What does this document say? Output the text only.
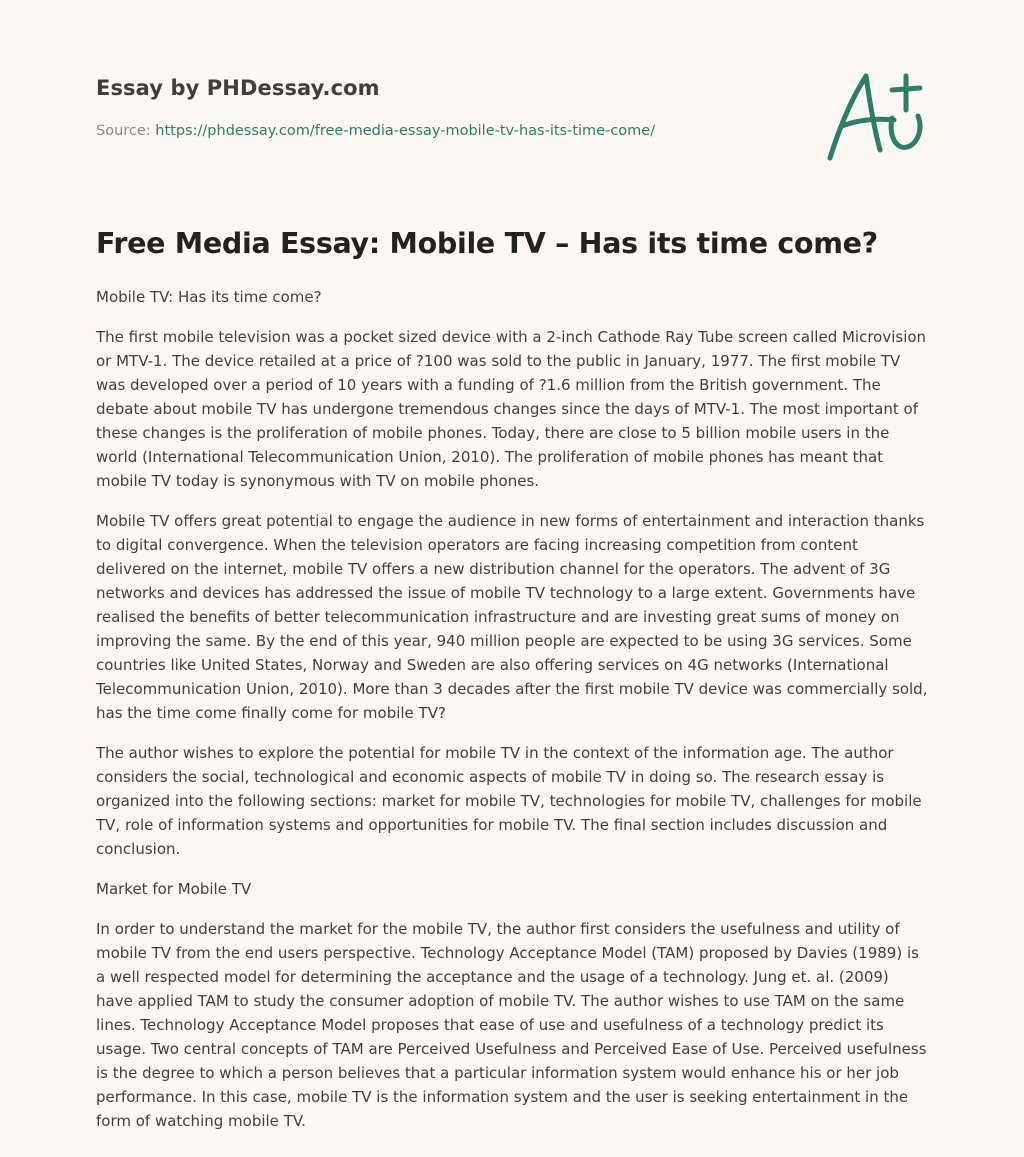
Essay by PHDessay.com

Source: https://phdessay.com/free-media-essay-mobile-tv-has-its-time-come/

Free Media Essay: Mobile TV – Has its time come?

Mobile TV: Has its time come?

The first mobile television was a pocket sized device with a 2-inch Cathode Ray Tube screen called Microvision or MTV-1. The device retailed at a price of ?100 was sold to the public in January, 1977. The first mobile TV was developed over a period of 10 years with a funding of ?1.6 million from the British government. The debate about mobile TV has undergone tremendous changes since the days of MTV-1. The most important of these changes is the proliferation of mobile phones. Today, there are close to 5 billion mobile users in the world (International Telecommunication Union, 2010). The proliferation of mobile phones has meant that mobile TV today is synonymous with TV on mobile phones.

Mobile TV offers great potential to engage the audience in new forms of entertainment and interaction thanks to digital convergence. When the television operators are facing increasing competition from content delivered on the internet, mobile TV offers a new distribution channel for the operators. The advent of 3G networks and devices has addressed the issue of mobile TV technology to a large extent. Governments have realised the benefits of better telecommunication infrastructure and are investing great sums of money on improving the same. By the end of this year, 940 million people are expected to be using 3G services. Some countries like United States, Norway and Sweden are also offering services on 4G networks (International Telecommunication Union, 2010). More than 3 decades after the first mobile TV device was commercially sold, has the time come finally come for mobile TV?

The author wishes to explore the potential for mobile TV in the context of the information age. The author considers the social, technological and economic aspects of mobile TV in doing so. The research essay is organized into the following sections: market for mobile TV, technologies for mobile TV, challenges for mobile TV, role of information systems and opportunities for mobile TV. The final section includes discussion and conclusion.

Market for Mobile TV

In order to understand the market for the mobile TV, the author first considers the usefulness and utility of mobile TV from the end users perspective. Technology Acceptance Model (TAM) proposed by Davies (1989) is a well respected model for determining the acceptance and the usage of a technology. Jung et. al. (2009) have applied TAM to study the consumer adoption of mobile TV. The author wishes to use TAM on the same lines. Technology Acceptance Model proposes that ease of use and usefulness of a technology predict its usage. Two central concepts of TAM are Perceived Usefulness and Perceived Ease of Use. Perceived usefulness is the degree to which a person believes that a particular information system would enhance his or her job performance. In this case, mobile TV is the information system and the user is seeking entertainment in the form of watching mobile TV.
